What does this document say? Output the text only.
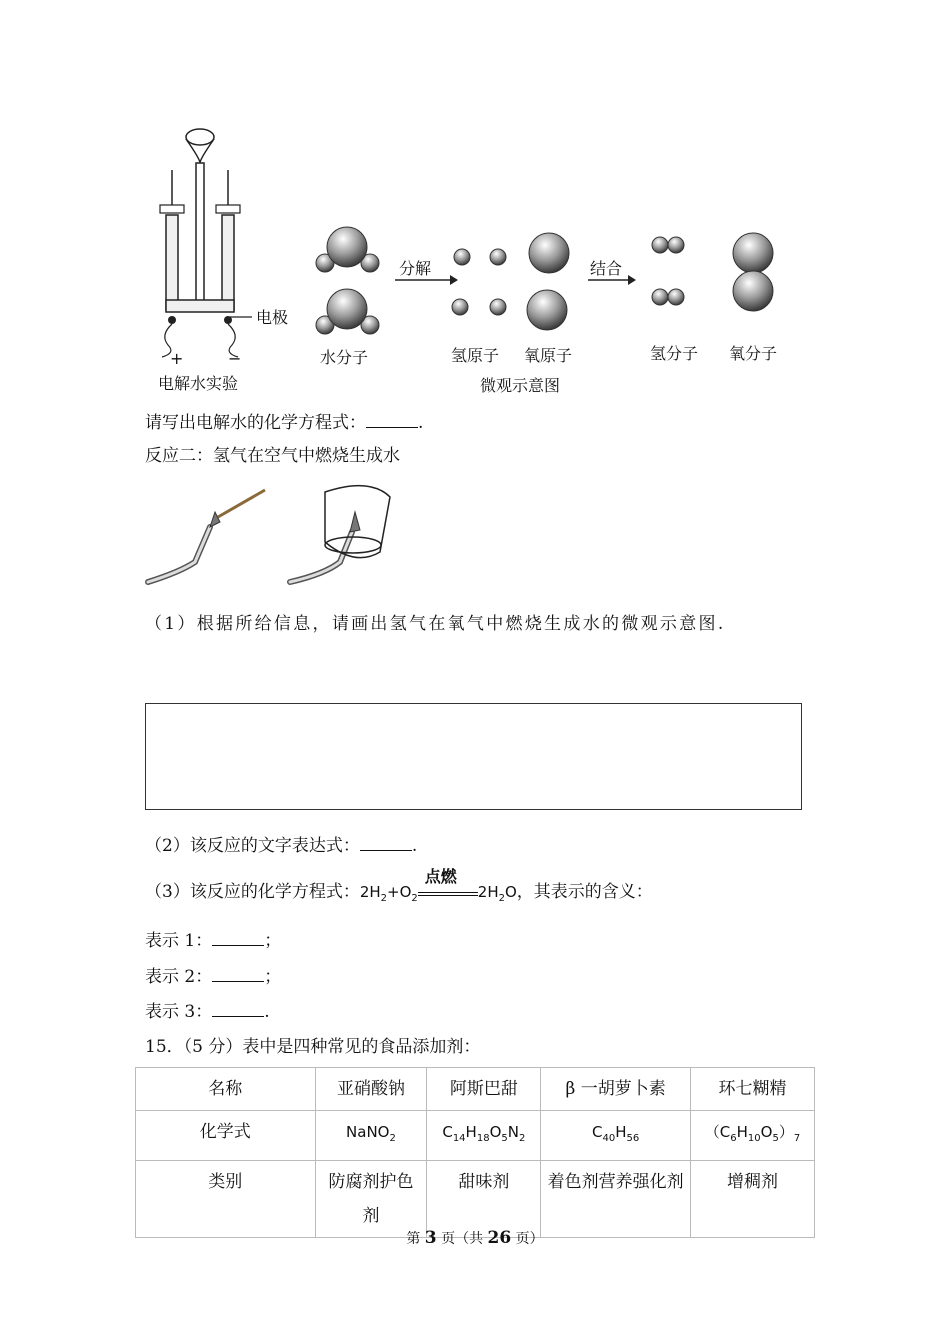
电极
+	−
电解水实验
分解	结合
水分子	氢原子 氧原子	氢分子 氧分子
微观示意图
请写出电解水的化学方程式：	.
反应二：氢气在空气中燃烧生成水
（1）根据所给信息，请画出氢气在氧气中燃烧生成水的微观示意图.
（2）该反应的文字表达式：	.
（3）该反应的化学方程式：$2H_2+O_2$
点燃
$2H_2O$，其表示的含义：
表示 1：	；
表示 2：	；
表示 3：	.
15．（5 分）表中是四种常见的食品添加剂：
名称	亚硝酸钠	阿斯巴甜	β 一胡萝卜素	环七糊精
化学式	NaNO$_2$	$C_{14}H_{18}O_5N_2$	$C_{40}H_{56}$	$(C_6H_{10}O_5)_7$
类别	防腐剂护色剂	甜味剂	着色剂营养强化剂	增稠剂
第 3 页（共 26 页）
